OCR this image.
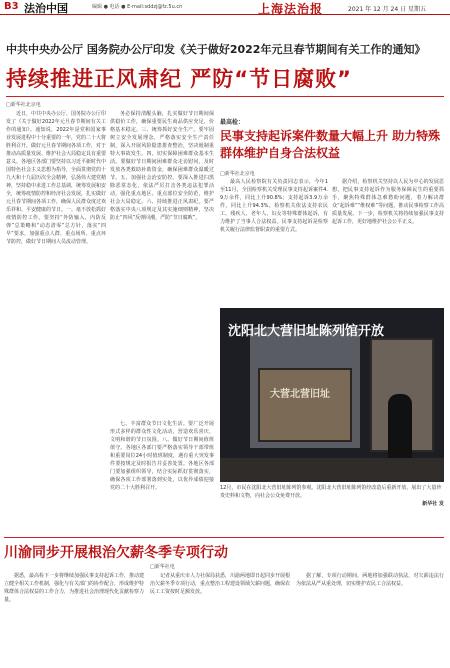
B3 法治中国	编辑 ● 电话 ● E-mail:sddzj@fz.5u.cn	上海法治报	2021 年 12 月 24 日 星期五
中共中央办公厅 国务院办公厅印发《关于做好2022年元旦春节期间有关工作的通知》
持续推进正风肃纪 严防“节日腐败”
□新华社北京电

近日，中共中央办公厅、国务院办公厅印发了《关于做好2022年元旦春节期间有关工作的通知》。通知说，2022年是党和国家事业发展进程中十分重要的一年，党的二十大将胜利召开。做好元旦春节期间各项工作，对于推动高质量发展、维护社会大局稳定具有重要意义。各地区各部门要坚持以习近平新时代中国特色社会主义思想为指导，全面贯彻党的十九大和十九届历次全会精神，弘扬伟大建党精神，坚持稳中求进工作总基调，统筹发展和安全，统筹疫情防控和经济社会发展，扎实做好元旦春节期间各项工作，确保人民群众度过欢乐祥和、平安健康的节日。一、毫不放松抓好疫情防控工作。要坚持“外防输入、内防反弹”总策略和“动态清零”总方针，落实“四早”要求，加强重点人群、重点场所、重点环节防控，做好节日期间人员流动管理。

务必保持清醒头脑，扎实做好节日期间保供稳价工作，确保重要民生商品供应充足、价格基本稳定。三、统筹抓好安全生产。要牢固树立安全发展理念，严格落实安全生产责任制，深入开展风险隐患排查整治，坚决遏制重特大事故发生。四、切实保障困难群众基本生活。要做好节日期间困难群众走访慰问，及时发放各类救助补助资金，确保困难群众温暖过节。五、加强社会治安防控。要深入推进扫黑除恶常态化，依法严厉打击各类违法犯罪活动，强化重点地区、重点部位安全防范，维护社会大局稳定。六、持续推进正风肃纪。要严格落实中央八项规定及其实施细则精神，坚决防止“四风”反弹回潮，严防“节日腐败”。

最高检：
民事支持起诉案件数量大幅上升 助力特殊群体维护自身合法权益
□新华社北京电

最高人民检察院有关负责同志表示，今年1至11月，全国检察机关受理民事支持起诉案件4.9万余件，同比上升90.8%；支持起诉3.9万余件，同比上升94.3%。检察机关依法支持农民工、残疾人、老年人、妇女等特殊群体起诉，有力维护了当事人合法权益。民事支持起诉是检察机关履行法律监督职责的重要方式。

据介绍，检察机关坚持以人民为中心的发展思想，把民事支持起诉作为服务保障民生的重要抓手，聚焦特殊群体急难愁盼问题，着力解决群众“起诉难”“维权难”等问题，推动民事检察工作高质量发展。下一步，检察机关将持续加强民事支持起诉工作，更好地维护社会公平正义。

大营北营旧址
沈阳北大营旧址陈列馆开放
12月，市民在沈阳北大营旧址陈列馆参观。沈阳北大营旧址陈列馆经改造后重新开放，展出了大量珍贵史料和文物，向社会公众免费开放。
新华社 发

七、丰富群众节日文化生活。要广泛开展形式多样的群众性文化活动，营造欢乐喜庆、文明和谐的节日氛围。八、做好节日期间值班值守。各地区各部门要严格落实领导干部带班和重要岗位24小时值班制度，遇有重大突发事件要按规定及时报告并妥善处置。各地区各部门要加强组织领导，结合实际抓好贯彻落实，确保各项工作部署落到实处，以优异成绩迎接党的二十大胜利召开。

川渝同步开展根治欠薪冬季专项行动
□新华社电

记者从重庆市人力社保局获悉，川渝两地即日起同步开展根治欠薪冬季专项行动，重点整治工程建设领域欠薪问题，确保农民工工资按时足额发放。

据了解，专项行动期间，两地将加强联动执法，对欠薪违法行为依法从严从重处理，切实维护农民工合法权益。

据悉，最高检下一步将继续加强民事支持起诉工作，推动建立健全相关工作机制，强化与有关部门的协作配合，形成维护特殊群体合法权益的工作合力，为推进社会治理现代化贡献检察力量。
